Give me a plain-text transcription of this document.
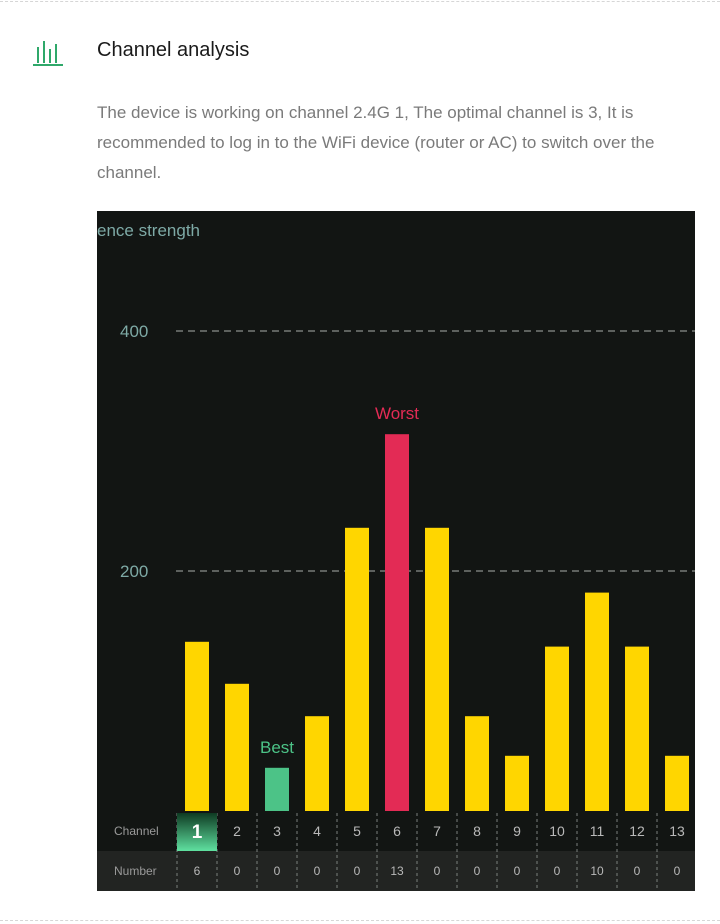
Channel analysis
The device is working on channel 2.4G 1, The optimal channel is 3, It is recommended to log in to the WiFi device (router or AC) to switch over the channel.
ence strength
200
400
Best
Worst
Channel
Number
1
6
2
0
3
0
4
0
5
0
6
13
7
0
8
0
9
0
10
0
11
10
12
0
13
0
